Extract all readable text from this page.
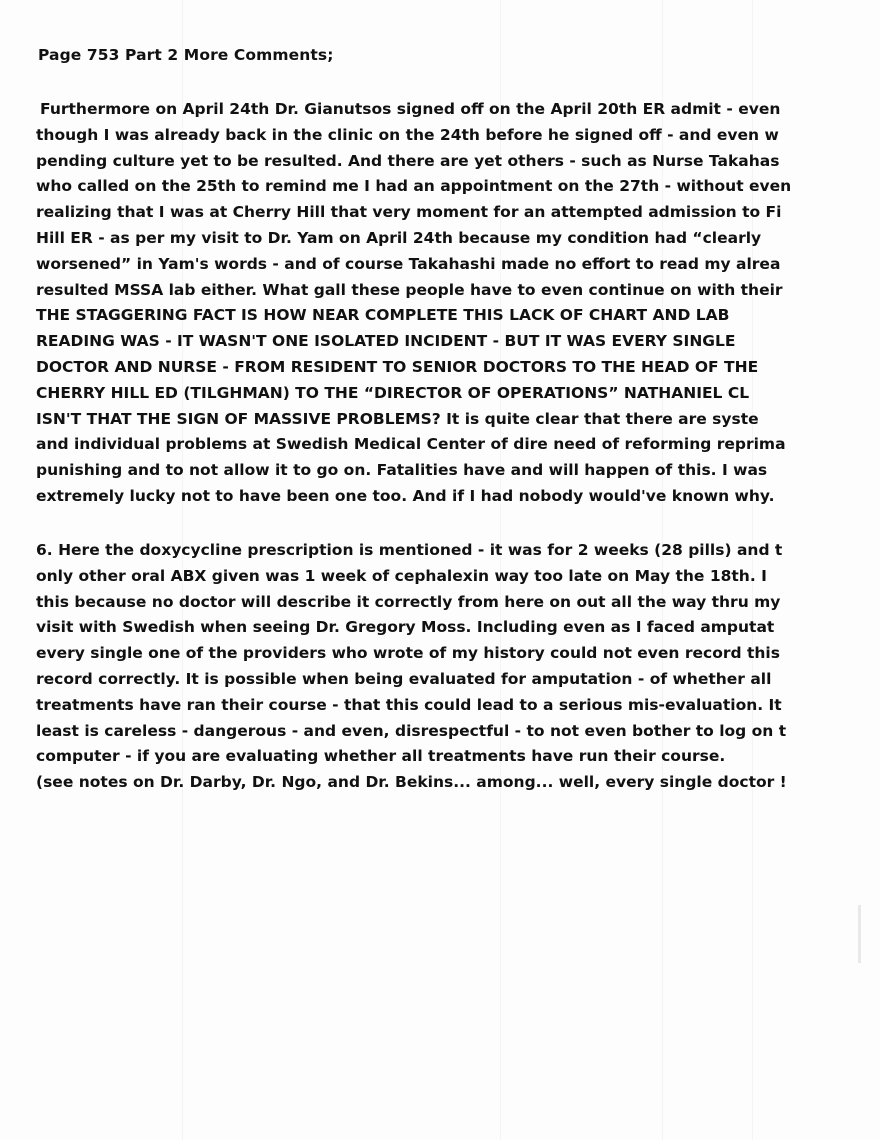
Page 753 Part 2 More Comments;
Furthermore on April 24th Dr. Gianutsos signed off on the April 20th ER admit - even
though I was already back in the clinic on the 24th before he signed off - and even w
pending culture yet to be resulted. And there are yet others - such as Nurse Takahas
who called on the 25th to remind me I had an appointment on the 27th - without even
realizing that I was at Cherry Hill that very moment for an attempted admission to Fi
Hill ER - as per my visit to Dr. Yam on April 24th because my condition had “clearly
worsened” in Yam's words - and of course Takahashi made no effort to read my alrea
resulted MSSA lab either. What gall these people have to even continue on with their
THE STAGGERING FACT IS HOW NEAR COMPLETE THIS LACK OF CHART AND LAB
READING WAS - IT WASN'T ONE ISOLATED INCIDENT - BUT IT WAS EVERY SINGLE
DOCTOR AND NURSE - FROM RESIDENT TO SENIOR DOCTORS TO THE HEAD OF THE
CHERRY HILL ED (TILGHMAN) TO THE “DIRECTOR OF OPERATIONS” NATHANIEL CL
ISN'T THAT THE SIGN OF MASSIVE PROBLEMS? It is quite clear that there are syste
and individual problems at Swedish Medical Center of dire need of reforming reprima
punishing and to not allow it to go on. Fatalities have and will happen of this. I was
extremely lucky not to have been one too. And if I had nobody would've known why.
6. Here the doxycycline prescription is mentioned - it was for 2 weeks (28 pills) and t
only other oral ABX given was 1 week of cephalexin way too late on May the 18th. I
this because no doctor will describe it correctly from here on out all the way thru my
visit with Swedish when seeing Dr. Gregory Moss. Including even as I faced amputat
every single one of the providers who wrote of my history could not even record this
record correctly. It is possible when being evaluated for amputation - of whether all
treatments have ran their course - that this could lead to a serious mis-evaluation. It
least is careless - dangerous - and even, disrespectful - to not even bother to log on t
computer - if you are evaluating whether all treatments have run their course.
(see notes on Dr. Darby, Dr. Ngo, and Dr. Bekins... among... well, every single doctor !
